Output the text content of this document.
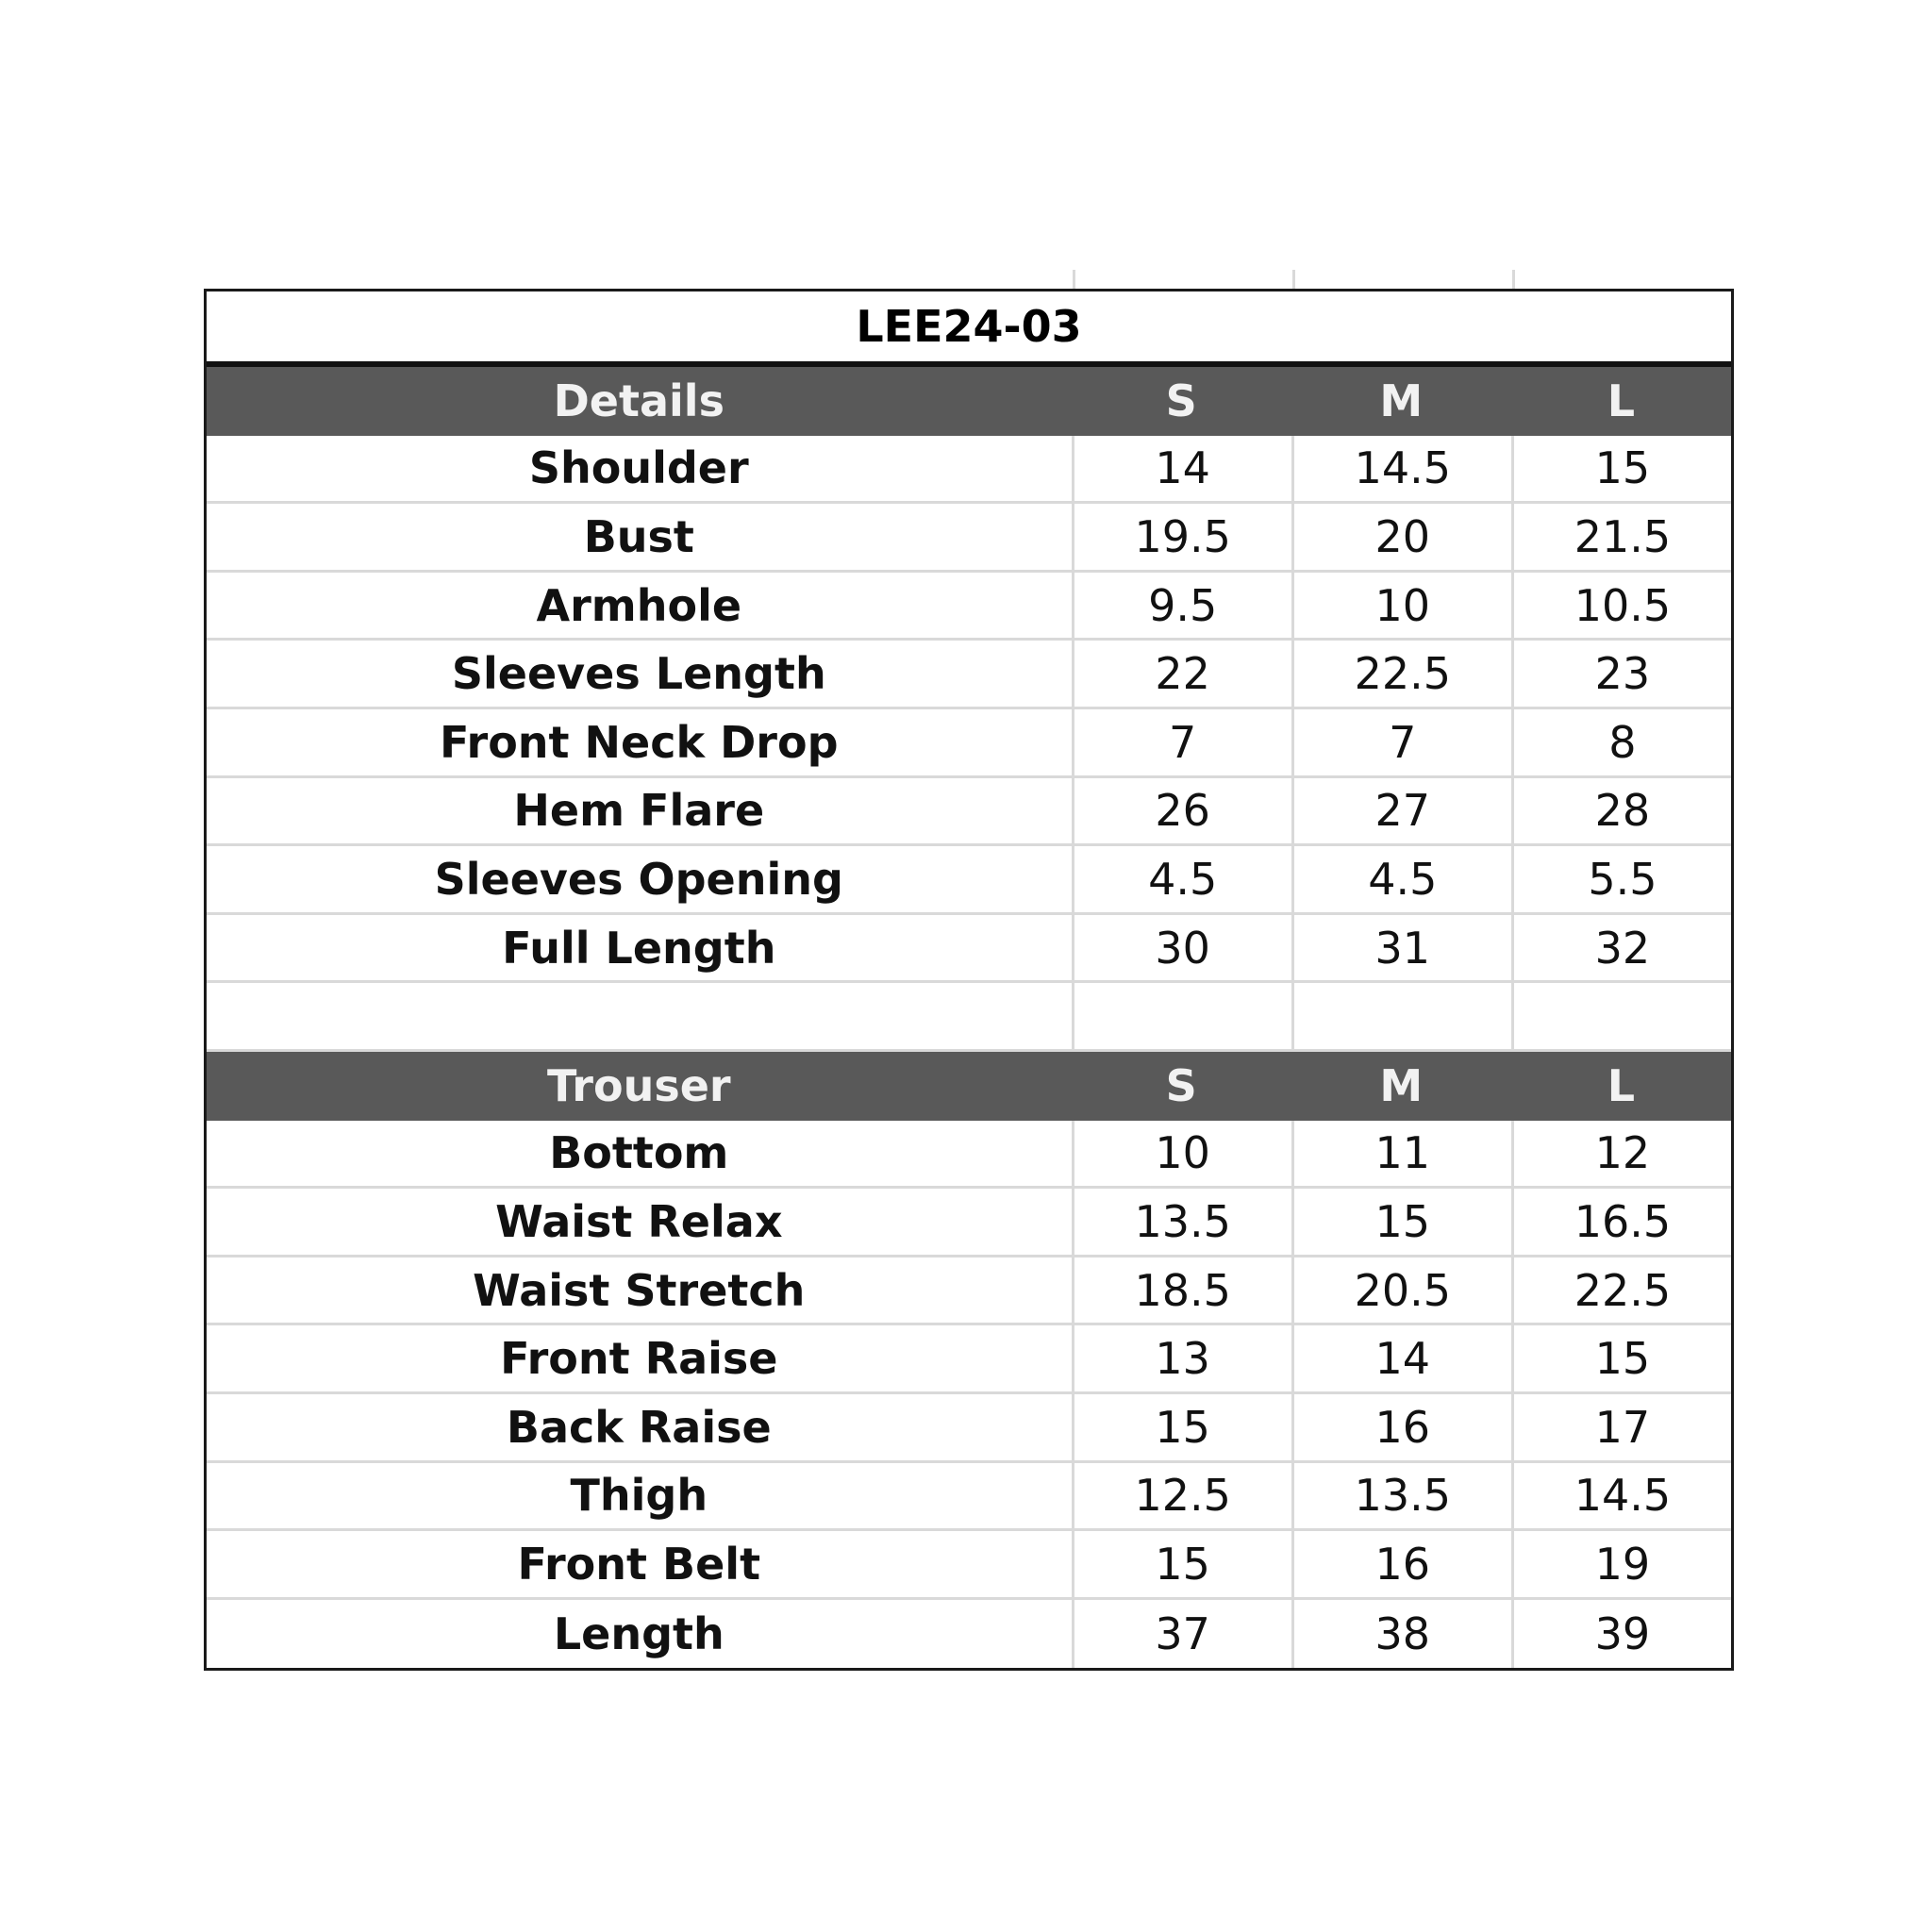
LEE24-03
Details	S	M	L
Shoulder	14	14.5	15
Bust	19.5	20	21.5
Armhole	9.5	10	10.5
Sleeves Length	22	22.5	23
Front Neck Drop	7	7	8
Hem Flare	26	27	28
Sleeves Opening	4.5	4.5	5.5
Full Length	30	31	32
Trouser	S	M	L
Bottom	10	11	12
Waist Relax	13.5	15	16.5
Waist Stretch	18.5	20.5	22.5
Front Raise	13	14	15
Back Raise	15	16	17
Thigh	12.5	13.5	14.5
Front Belt	15	16	19
Length	37	38	39
